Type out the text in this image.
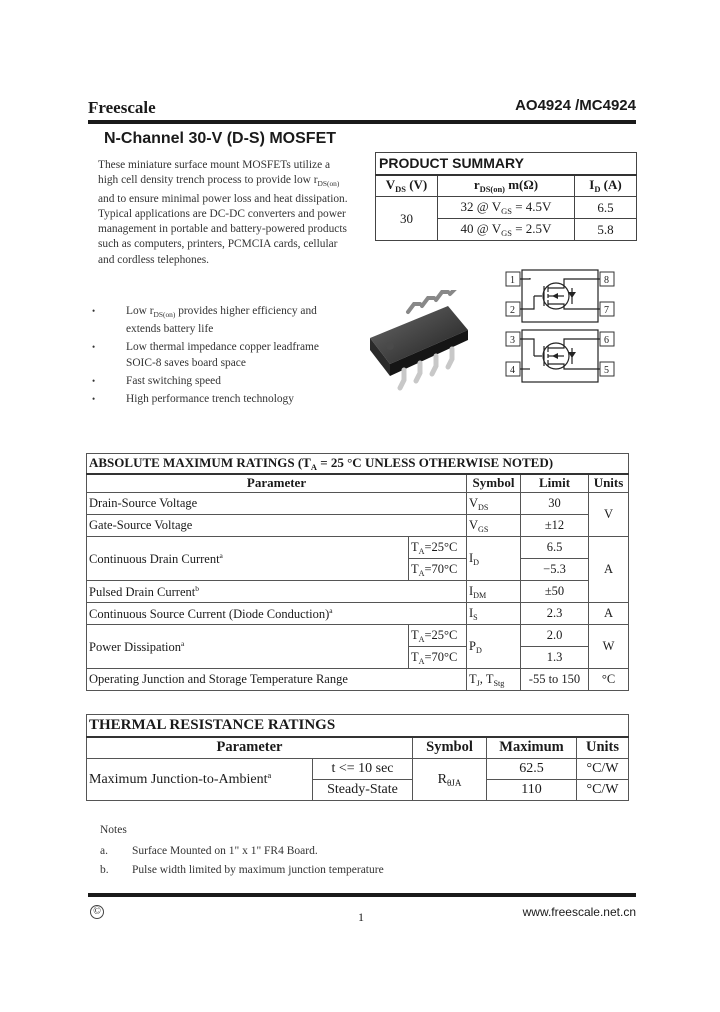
Freescale	AO4924 /MC4924
N-Channel 30-V (D-S) MOSFET
These miniature surface mount MOSFETs utilize a high cell density trench process to provide low $r_{DS(on)}$ and to ensure minimal power loss and heat dissipation. Typical applications are DC-DC converters and power management in portable and battery-powered products such as computers, printers, PCMCIA cards, cellular and cordless telephones.
• Low $r_{DS(on)}$ provides higher efficiency and extends battery life
• Low thermal impedance copper leadframe SOIC-8 saves board space
• Fast switching speed
• High performance trench technology
PRODUCT SUMMARY		
$V_{DS}$ (V)	$r_{DS(on)}$ m(Ω)	$I_D$ (A)
30	32 @ $V_{GS} = 4.5V$	6.5
	40 @ $V_{GS} = 2.5V$	5.8
1
2
3
4
8
7
6
5
ABSOLUTE MAXIMUM RATINGS ($T_A = 25$ °C UNLESS OTHERWISE NOTED)				
Parameter		Symbol	Limit	Units
Drain-Source Voltage		$V_{DS}$	30	V
Gate-Source Voltage		$V_{GS}$	±12	
Continuous Drain Current$^a$	$T_A=25^\circ C$	$I_D$	6.5	A
	$T_A=70^\circ C$		−5.3	
Pulsed Drain Current$^b$		$I_{DM}$	±50	
Continuous Source Current (Diode Conduction)$^a$		$I_S$	2.3	A
Power Dissipation$^a$	$T_A=25^\circ C$	$P_D$	2.0	W
	$T_A=70^\circ C$		1.3	
Operating Junction and Storage Temperature Range		$T_J$, $T_{Stg}$	-55 to 150	°C
THERMAL RESISTANCE RATINGS				
Parameter		Symbol	Maximum	Units
Maximum Junction-to-Ambient$^a$	t <= 10 sec	$R_{\theta JA}$	62.5	°C/W
	Steady-State		110	°C/W
Notes
a. Surface Mounted on 1" x 1" FR4 Board.
b. Pulse width limited by maximum junction temperature
©	1	www.freescale.net.cn
